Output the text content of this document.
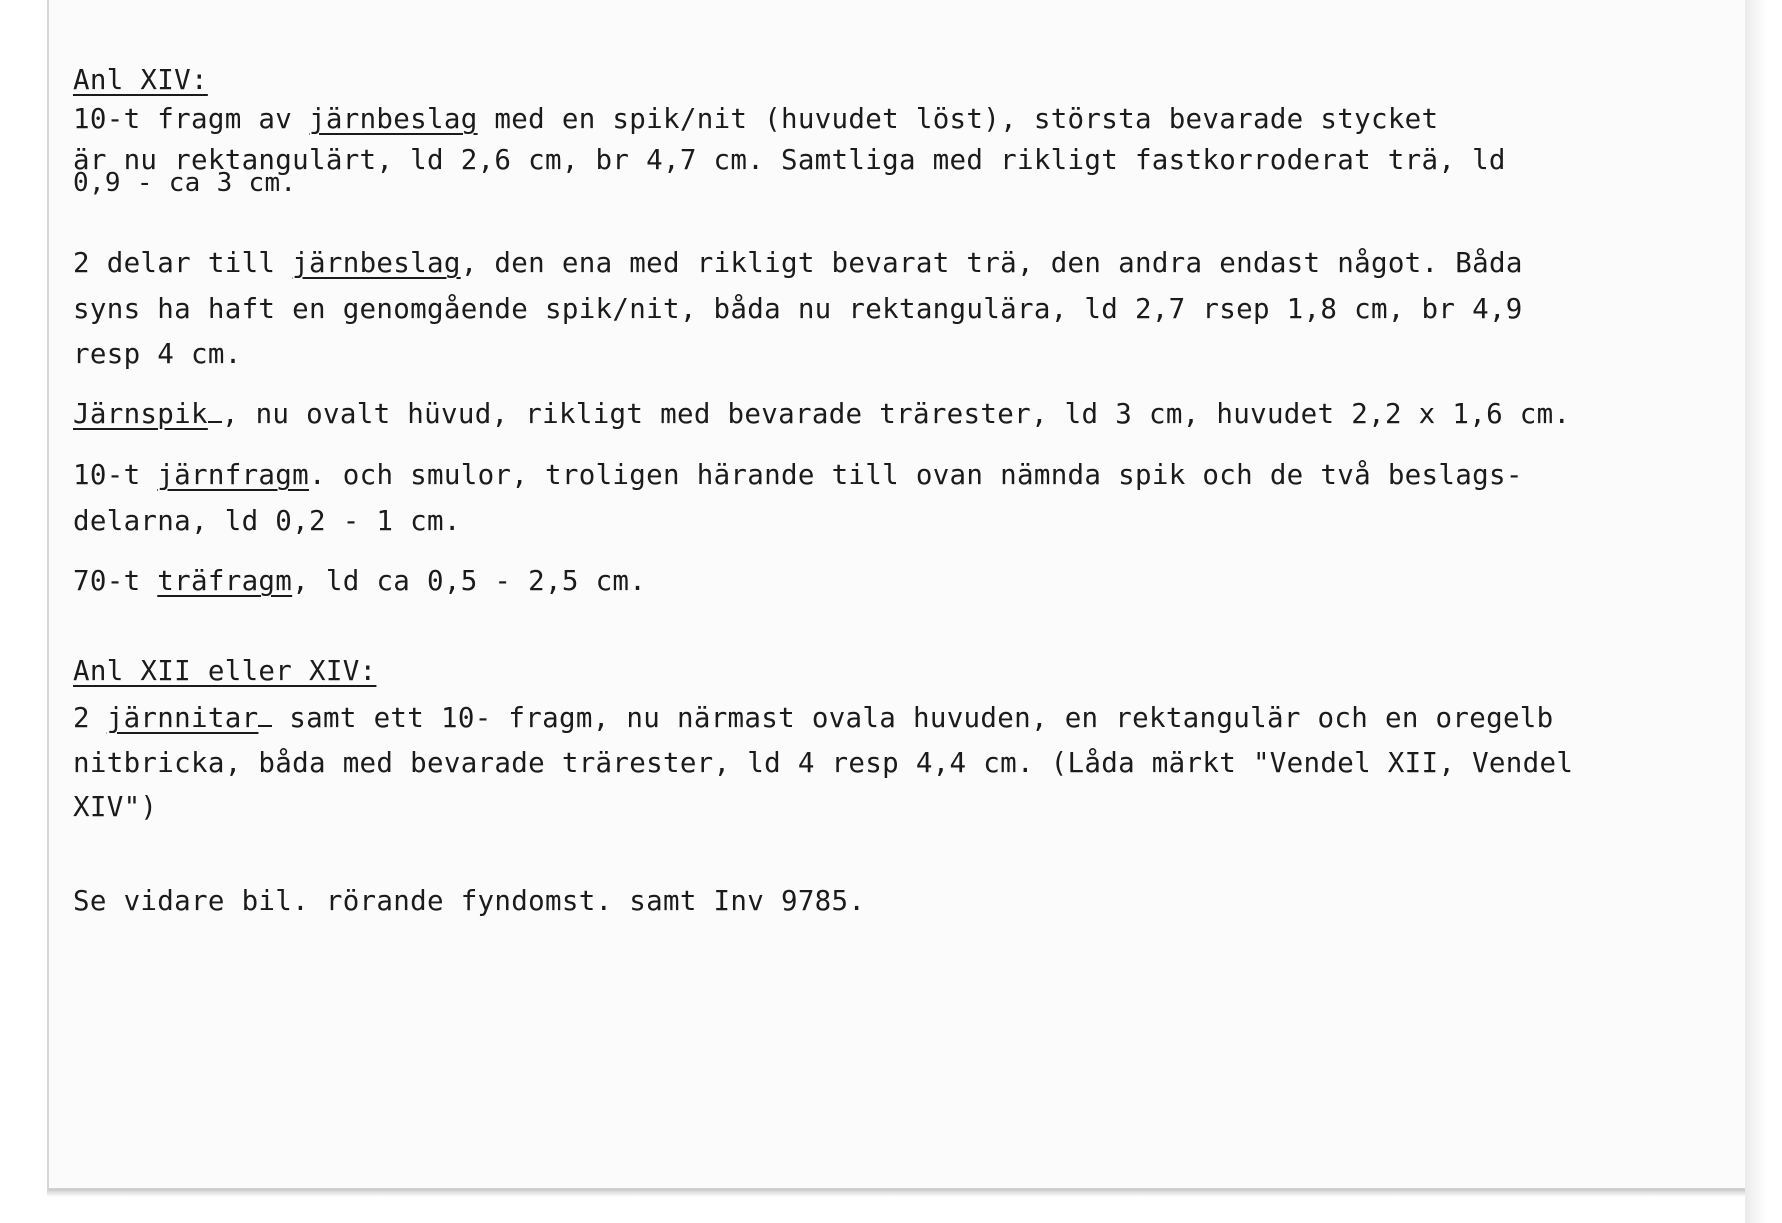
Anl XIV:
10-t fragm av järnbeslag med en spik/nit (huvudet löst), största bevarade stycket
är nu rektangulärt, ld 2,6 cm, br 4,7 cm. Samtliga med rikligt fastkorroderat trä, ld
0,9 - ca 3 cm.
2 delar till järnbeslag, den ena med rikligt bevarat trä, den andra endast något. Båda
syns ha haft en genomgående spik/nit, båda nu rektangulära, ld 2,7 rsep 1,8 cm, br 4,9
resp 4 cm.
Järnspik , nu ovalt hüvud, rikligt med bevarade trärester, ld 3 cm, huvudet 2,2 x 1,6 cm.
10-t järnfragm. och smulor, troligen härande till ovan nämnda spik och de två beslags-
delarna, ld 0,2 - 1 cm.
70-t träfragm, ld ca 0,5 - 2,5 cm.
Anl XII eller XIV:
2 järnnitar samt ett 10- fragm, nu närmast ovala huvuden, en rektangulär och en oregelb
nitbricka, båda med bevarade trärester, ld 4 resp 4,4 cm. (Låda märkt "Vendel XII, Vendel
XIV")
Se vidare bil. rörande fyndomst. samt Inv 9785.
